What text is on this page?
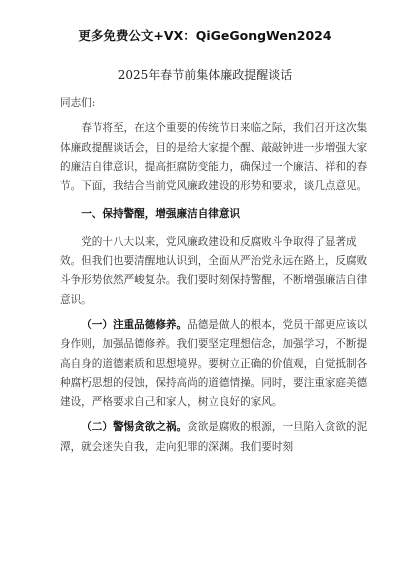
更多免费公文+VX：QiGeGongWen2024
2025年春节前集体廉政提醒谈话

同志们:

春节将至，在这个重要的传统节日来临之际，我们召开这次集体廉政提醒谈话会，目的是给大家提个醒、敲敲钟进一步增强大家的廉洁自律意识，提高拒腐防变能力，确保过一个廉洁、祥和的春节。下面，我结合当前党风廉政建设的形势和要求，谈几点意见。

一、保持警醒，增强廉洁自律意识

党的十八大以来，党风廉政建设和反腐败斗争取得了显著成效。但我们也要清醒地认识到，全面从严治党永远在路上，反腐败斗争形势依然严峻复杂。我们要时刻保持警醒，不断增强廉洁自律意识。

（一）注重品德修养。品德是做人的根本，党员干部更应该以身作则，加强品德修养。我们要坚定理想信念，加强学习，不断提高自身的道德素质和思想境界。要树立正确的价值观，自觉抵制各种腐朽思想的侵蚀，保持高尚的道德情操。同时，要注重家庭美德建设，严格要求自己和家人，树立良好的家风。

（二）警惕贪欲之祸。贪欲是腐败的根源，一旦陷入贪欲的泥潭，就会迷失自我，走向犯罪的深渊。我们要时刻
